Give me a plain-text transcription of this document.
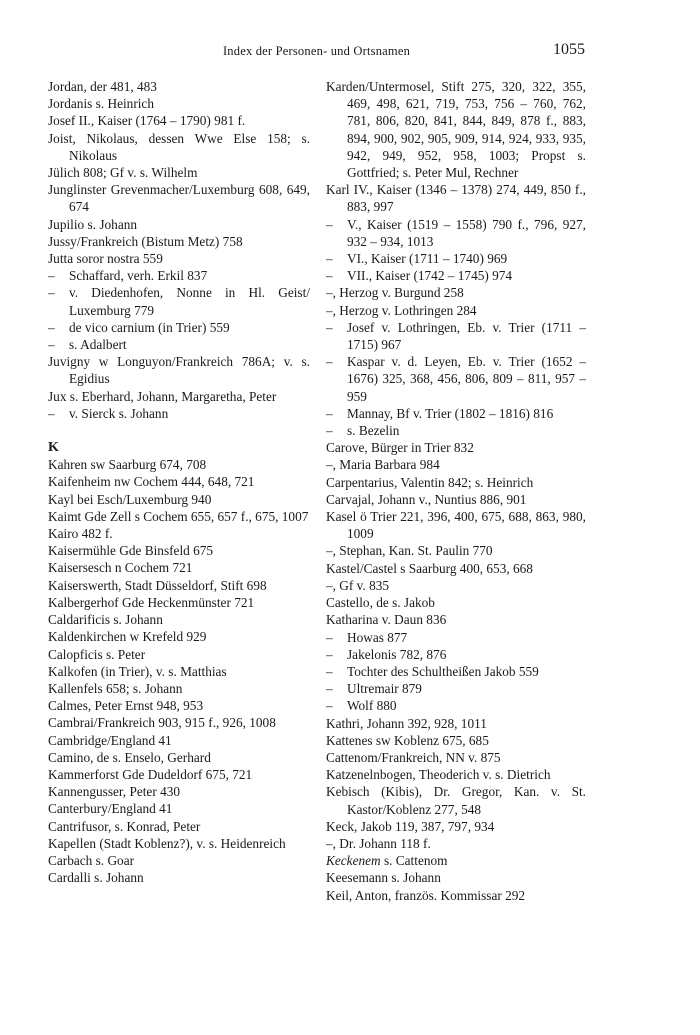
Index der Personen- und Ortsnamen	1055
Jordan, der 481, 483
Jordanis s. Heinrich
Josef II., Kaiser (1764 – 1790) 981 f.
Joist, Nikolaus, dessen Wwe Else 158; s. Nikolaus
Jülich 808; Gf v. s. Wilhelm
Junglinster Grevenmacher/Luxemburg 608, 649, 674
Jupilio s. Johann
Jussy/Frankreich (Bistum Metz) 758
Jutta soror nostra 559
– Schaffard, verh. Erkil 837
– v. Diedenhofen, Nonne in Hl. Geist/ Luxemburg 779
– de vico carnium (in Trier) 559
– s. Adalbert
Juvigny w Longuyon/Frankreich 786A; v. s. Egidius
Jux s. Eberhard, Johann, Margaretha, Peter
– v. Sierck s. Johann
K
Kahren sw Saarburg 674, 708
Kaifenheim nw Cochem 444, 648, 721
Kayl bei Esch/Luxemburg 940
Kaimt Gde Zell s Cochem 655, 657 f., 675, 1007
Kairo 482 f.
Kaisermühle Gde Binsfeld 675
Kaisersesch n Cochem 721
Kaiserswerth, Stadt Düsseldorf, Stift 698
Kalbergerhof Gde Heckenmünster 721
Caldarificis s. Johann
Kaldenkirchen w Krefeld 929
Calopficis s. Peter
Kalkofen (in Trier), v. s. Matthias
Kallenfels 658; s. Johann
Calmes, Peter Ernst 948, 953
Cambrai/Frankreich 903, 915 f., 926, 1008
Cambridge/England 41
Camino, de s. Enselo, Gerhard
Kammerforst Gde Dudeldorf 675, 721
Kannengusser, Peter 430
Canterbury/England 41
Cantrifusor, s. Konrad, Peter
Kapellen (Stadt Koblenz?), v. s. Heidenreich
Carbach s. Goar
Cardalli s. Johann
Karden/Untermosel, Stift 275, 320, 322, 355, 469, 498, 621, 719, 753, 756 – 760, 762, 781, 806, 820, 841, 844, 849, 878 f., 883, 894, 900, 902, 905, 909, 914, 924, 933, 935, 942, 949, 952, 958, 1003; Propst s. Gottfried; s. Peter Mul, Rechner
Karl IV., Kaiser (1346 – 1378) 274, 449, 850 f., 883, 997
– V., Kaiser (1519 – 1558) 790 f., 796, 927, 932 – 934, 1013
– VI., Kaiser (1711 – 1740) 969
– VII., Kaiser (1742 – 1745) 974
–, Herzog v. Burgund 258
–, Herzog v. Lothringen 284
– Josef v. Lothringen, Eb. v. Trier (1711 – 1715) 967
– Kaspar v. d. Leyen, Eb. v. Trier (1652 – 1676) 325, 368, 456, 806, 809 – 811, 957 – 959
– Mannay, Bf v. Trier (1802 – 1816) 816
– s. Bezelin
Carove, Bürger in Trier 832
–, Maria Barbara 984
Carpentarius, Valentin 842; s. Heinrich
Carvajal, Johann v., Nuntius 886, 901
Kasel ö Trier 221, 396, 400, 675, 688, 863, 980, 1009
–, Stephan, Kan. St. Paulin 770
Kastel/Castel s Saarburg 400, 653, 668
–, Gf v. 835
Castello, de s. Jakob
Katharina v. Daun 836
– Howas 877
– Jakelonis 782, 876
– Tochter des Schultheißen Jakob 559
– Ultremair 879
– Wolf 880
Kathri, Johann 392, 928, 1011
Kattenes sw Koblenz 675, 685
Cattenom/Frankreich, NN v. 875
Katzenelnbogen, Theoderich v. s. Dietrich
Kebisch (Kibis), Dr. Gregor, Kan. v. St. Kastor/Koblenz 277, 548
Keck, Jakob 119, 387, 797, 934
–, Dr. Johann 118 f.
Keckenem s. Cattenom
Keesemann s. Johann
Keil, Anton, französ. Kommissar 292
